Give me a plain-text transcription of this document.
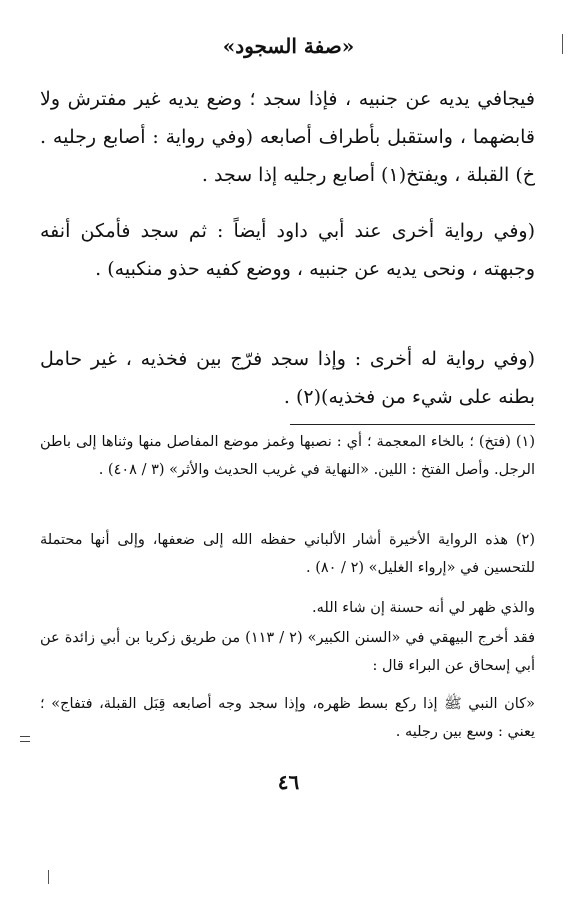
«صفة السجود»
فيجافي يديه عن جنبيه ، فإذا سجد ؛ وضع يديه غير مفترش ولا قابضهما ، واستقبل بأطراف أصابعه (وفي رواية : أصابع رجليه . خ) القبلة ، ويفتخ(١) أصابع رجليه إذا سجد .
(وفي رواية أخرى عند أبي داود أيضاً : ثم سجد فأمكن أنفه وجبهته ، ونحى يديه عن جنبيه ، ووضع كفيه حذو منكبيه) .
(وفي رواية له أخرى : وإذا سجد فرّج بين فخذيه ، غير حامل بطنه على شيء من فخذيه)(٢) .
(١) (فتخ) ؛ بالخاء المعجمة ؛ أي : نصبها وغمز موضع المفاصل منها وثناها إلى باطن الرجل. وأصل الفتخ : اللين. «النهاية في غريب الحديث والأثر» (٣ / ٤٠٨) .
(٢) هذه الرواية الأخيرة أشار الألباني حفظه الله إلى ضعفها، وإلى أنها محتملة للتحسين في «إرواء الغليل» (٢ / ٨٠) .
والذي ظهر لي أنه حسنة إن شاء الله.
فقد أخرج البيهقي في «السنن الكبير» (٢ / ١١٣) من طريق زكريا بن أبي زائدة عن أبي إسحاق عن البراء قال :
«كان النبي ﷺ إذا ركع بسط ظهره، وإذا سجد وجه أصابعه قِبَل القبلة، فتفاج» ؛ يعني : وسع بين رجليه .
٤٦
